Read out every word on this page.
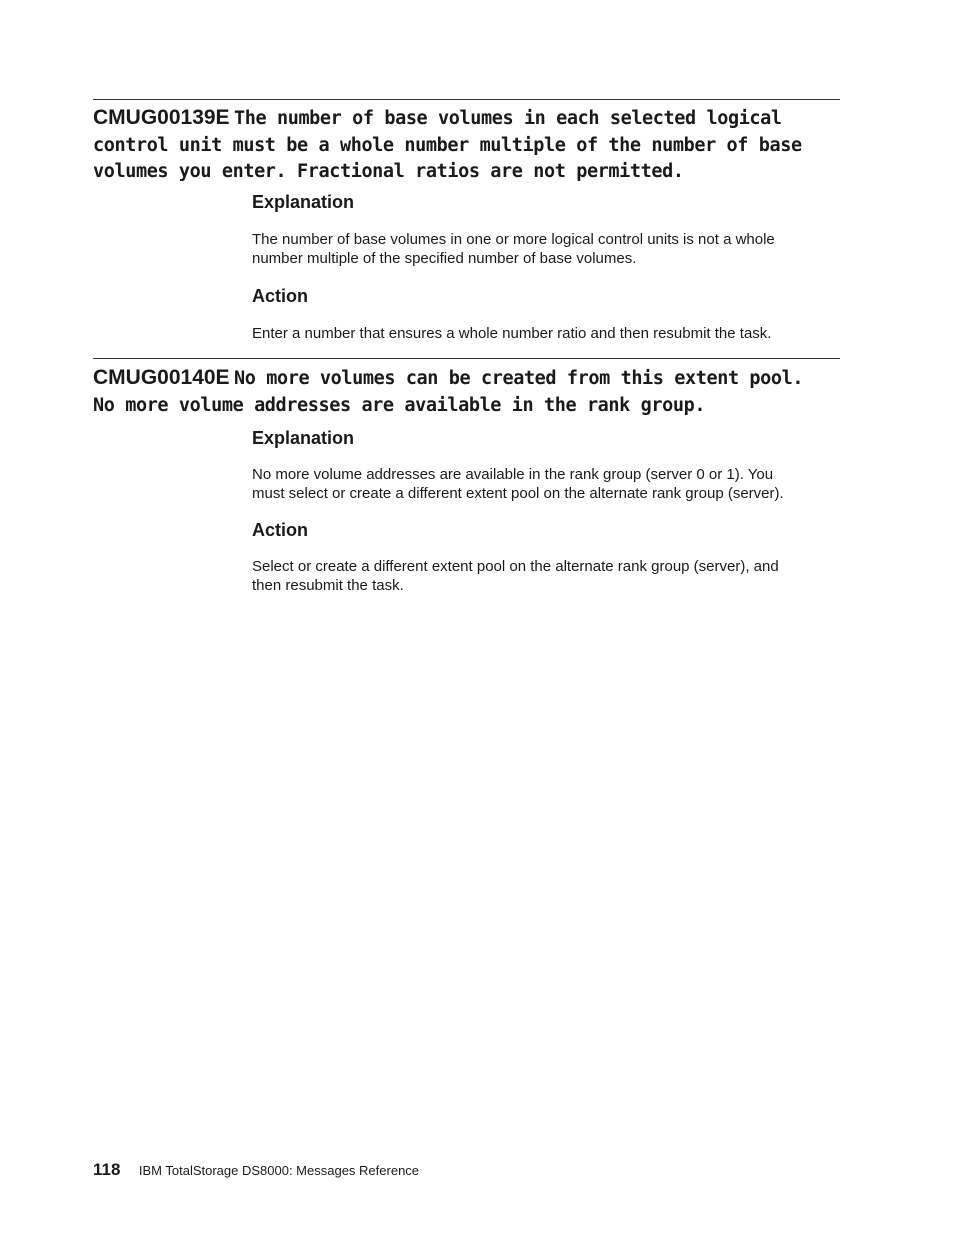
CMUG00139E The number of base volumes in each selected logical
control unit must be a whole number multiple of the number of base
volumes you enter. Fractional ratios are not permitted.
Explanation
The number of base volumes in one or more logical control units is not a whole
number multiple of the specified number of base volumes.
Action
Enter a number that ensures a whole number ratio and then resubmit the task.
CMUG00140E No more volumes can be created from this extent pool.
No more volume addresses are available in the rank group.
Explanation
No more volume addresses are available in the rank group (server 0 or 1). You
must select or create a different extent pool on the alternate rank group (server).
Action
Select or create a different extent pool on the alternate rank group (server), and
then resubmit the task.
118 IBM TotalStorage DS8000: Messages Reference
